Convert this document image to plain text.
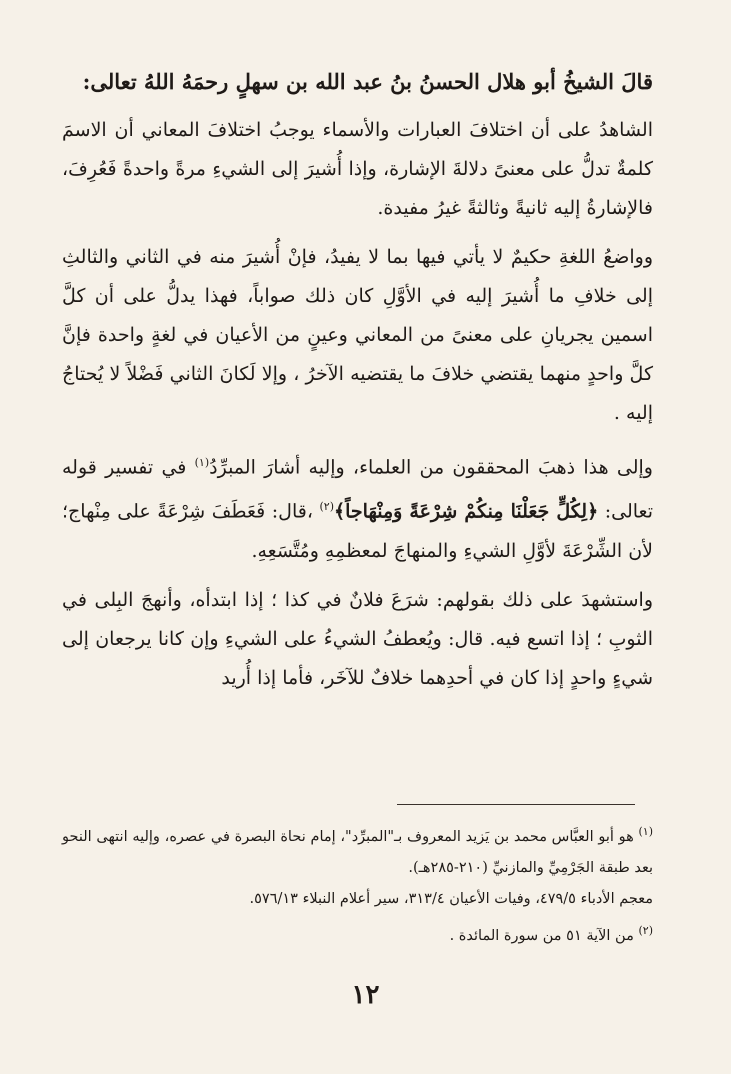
قالَ الشيخُ أبو هلال الحسنُ بنُ عبد الله بن سهلٍ رحمَهُ اللهُ تعالى:

الشاهدُ على أن اختلافَ العبارات والأسماء يوجبُ اختلافَ المعاني أن الاسمَ كلمةٌ تدلُّ على معنىً دلالةَ الإشارة، وإذا أُشيرَ إلى الشيءِ مرةً واحدةً فَعُرِفَ، فالإشارةُ إليه ثانيةً وثالثةً غيرُ مفيدة.

وواضعُ اللغةِ حكيمٌ لا يأتي فيها بما لا يفيدُ، فإنْ أُشيرَ منه في الثاني والثالثِ إلى خلافِ ما أُشيرَ إليه في الأوَّلِ كان ذلك صواباً، فهذا يدلُّ على أن كلَّ اسمين يجريانِ على معنىً من المعاني وعينٍ من الأعيان في لغةٍ واحدة فإنَّ كلَّ واحدٍ منهما يقتضي خلافَ ما يقتضيه الآخرُ ، وإلا لَكانَ الثاني فَضْلاً لا يُحتاجُ إليه .

وإلى هذا ذهبَ المحققون من العلماء، وإليه أشارَ المبرِّدُ$^{(١)}$ في تفسير قوله تعالى: ﴿لِكُلٍّ جَعَلْنَا مِنكُمْ شِرْعَةً وَمِنْهَاجاً﴾$^{(٢)}$ ،قال: فَعَطَفَ شِرْعَةً على مِنْهاج؛ لأن الشِّرْعَةَ لأوَّلِ الشيءِ والمنهاجَ لمعظمِهِ ومُتَّسَعِهِ.

واستشهدَ على ذلك بقولهم: شرَعَ فلانٌ في كذا ؛ إذا ابتدأه، وأنهجَ البِلى في الثوبِ ؛ إذا اتسع فيه. قال: ويُعطفُ الشيءُ على الشيءِ وإن كانا يرجعان إلى شيءٍ واحدٍ إذا كان في أحدِهما خلافٌ للآخَر، فأما إذا أُريد

$^{(١)}$ هو أبو العبَّاس محمد بن يَزيد المعروف بـ"المبرِّد"، إمام نحاة البصرة في عصره، وإليه انتهى النحو بعد طبقة الجَرْمِيِّ والمازنيِّ (٢١٠-٢٨٥هـ).

معجم الأدباء ٤٧٩/٥، وفيات الأعيان ٣١٣/٤، سير أعلام النبلاء ٥٧٦/١٣.

$^{(٢)}$ من الآية ٥١ من سورة المائدة .

١٢
